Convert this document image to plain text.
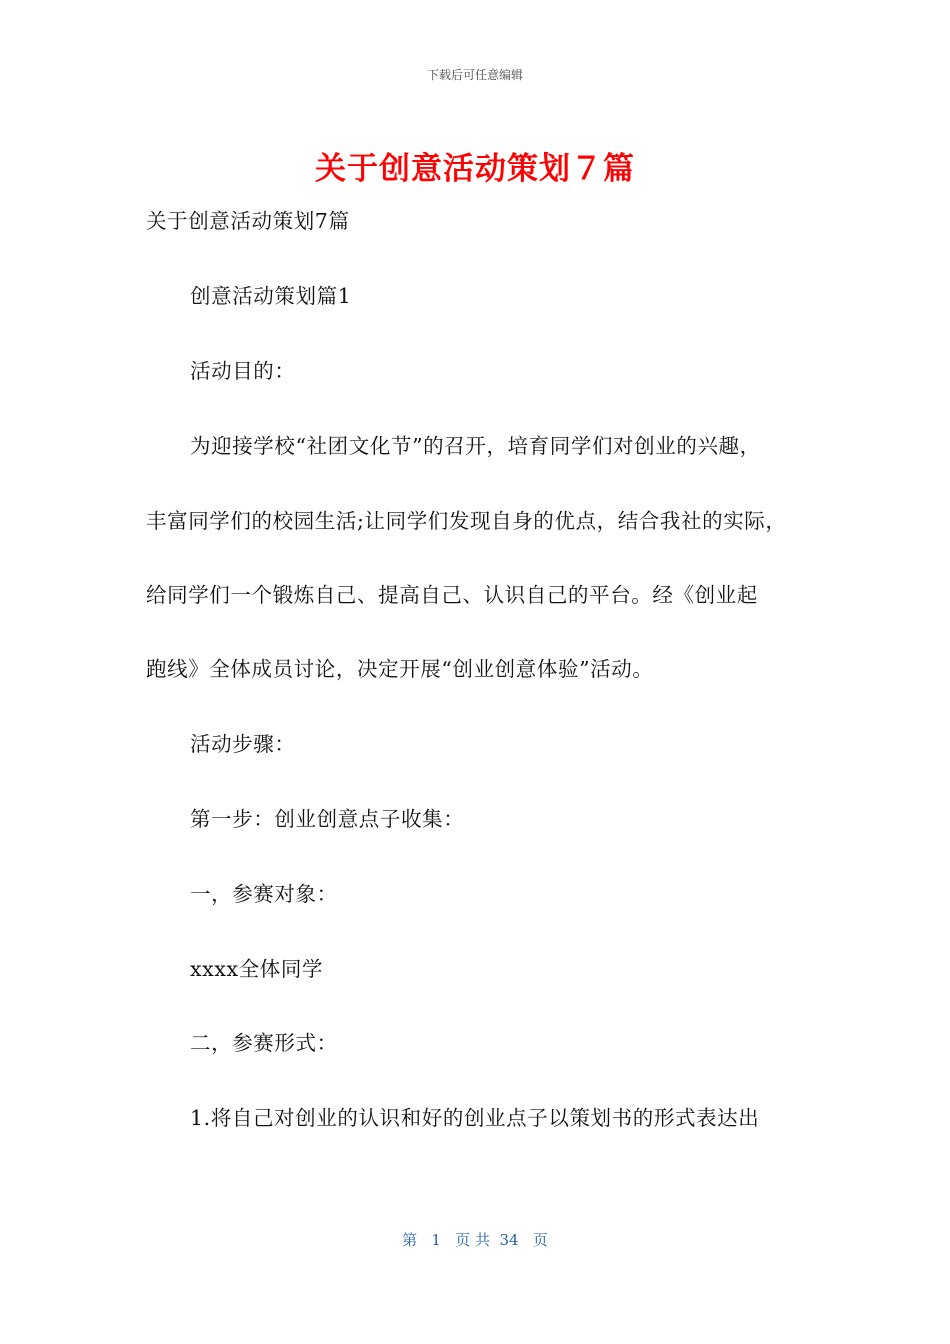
下载后可任意编辑
关于创意活动策划７篇
关于创意活动策划7篇
创意活动策划篇1
活动目的：
为迎接学校“社团文化节”的召开，培育同学们对创业的兴趣，
丰富同学们的校园生活;让同学们发现自身的优点，结合我社的实际，
给同学们一个锻炼自己、提高自己、认识自己的平台。经《创业起
跑线》全体成员讨论，决定开展“创业创意体验”活动。
活动步骤：
第一步：创业创意点子收集：
一，参赛对象：
xxxx全体同学
二，参赛形式：
1.将自己对创业的认识和好的创业点子以策划书的形式表达出
第   1   页 共  34   页
